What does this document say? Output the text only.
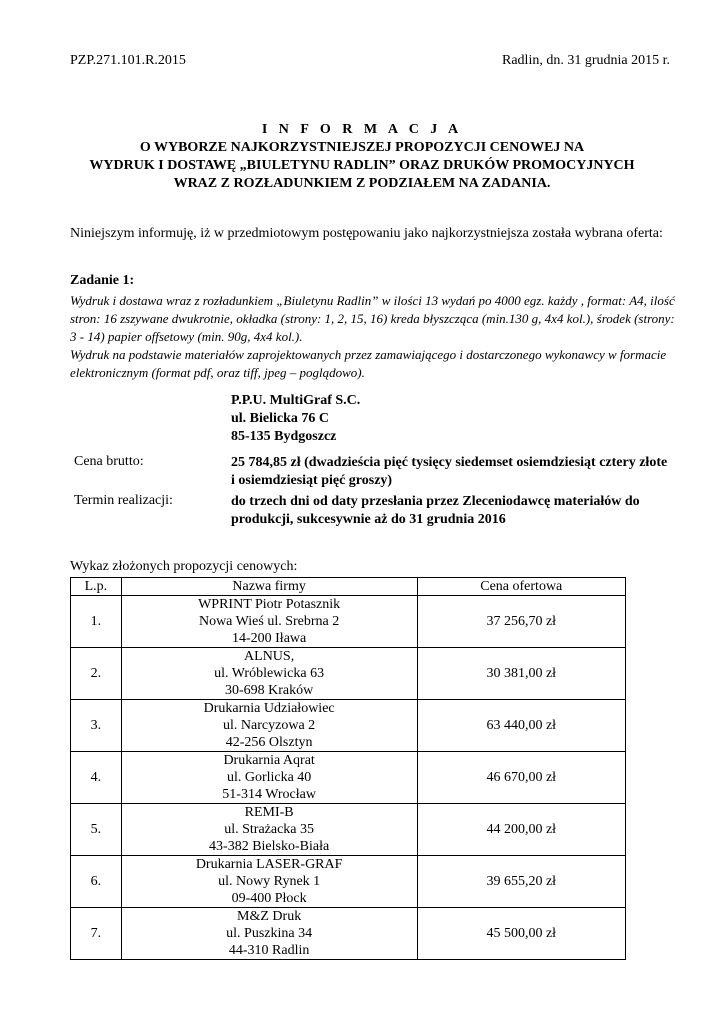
PZP.271.101.R.2015	Radlin, dn. 31 grudnia 2015 r.
I N F O R M A C J A
O WYBORZE NAJKORZYSTNIEJSZEJ PROPOZYCJI CENOWEJ NA
WYDRUK I DOSTAWĘ „BIULETYNU RADLIN” ORAZ DRUKÓW PROMOCYJNYCH
WRAZ Z ROZŁADUNKIEM Z PODZIAŁEM NA ZADANIA.
Niniejszym informuję, iż w przedmiotowym postępowaniu jako najkorzystniejsza została wybrana oferta:
Zadanie 1:

Wydruk i dostawa wraz z rozładunkiem „Biuletynu Radlin” w ilości 13 wydań po 4000 egz. każdy , format: A4, ilość stron: 16 zszywane dwukrotnie, okładka (strony: 1, 2, 15, 16) kreda błyszcząca (min.130 g, 4x4 kol.), środek (strony: 3 - 14) papier offsetowy (min. 90g, 4x4 kol.).

Wydruk na podstawie materiałów zaprojektowanych przez zamawiającego i dostarczonego wykonawcy w formacie elektronicznym (format pdf, oraz tiff, jpeg – poglądowo).

P.P.U. MultiGraf S.C.
ul. Bielicka 76 C
85-135 Bydgoszcz
Cena brutto:	25 784,85 zł (dwadzieścia pięć tysięcy siedemset osiemdziesiąt cztery złote i osiemdziesiąt pięć groszy)
Termin realizacji:	do trzech dni od daty przesłania przez Zleceniodawcę materiałów do produkcji, sukcesywnie aż do 31 grudnia 2016
Wykaz złożonych propozycji cenowych:
L.p.	Nazwa firmy	Cena ofertowa
1.	WPRINT Piotr Potasznik
Nowa Wieś ul. Srebrna 2
14-200 Iława	37 256,70 zł
2.	ALNUS,
ul. Wróblewicka 63
30-698 Kraków	30 381,00 zł
3.	Drukarnia Udziałowiec
ul. Narcyzowa 2
42-256 Olsztyn	63 440,00 zł
4.	Drukarnia Aqrat
ul. Gorlicka 40
51-314 Wrocław	46 670,00 zł
5.	REMI-B
ul. Strażacka 35
43-382 Bielsko-Biała	44 200,00 zł
6.	Drukarnia LASER-GRAF
ul. Nowy Rynek 1
09-400 Płock	39 655,20 zł
7.	M&Z Druk
ul. Puszkina 34
44-310 Radlin	45 500,00 zł
